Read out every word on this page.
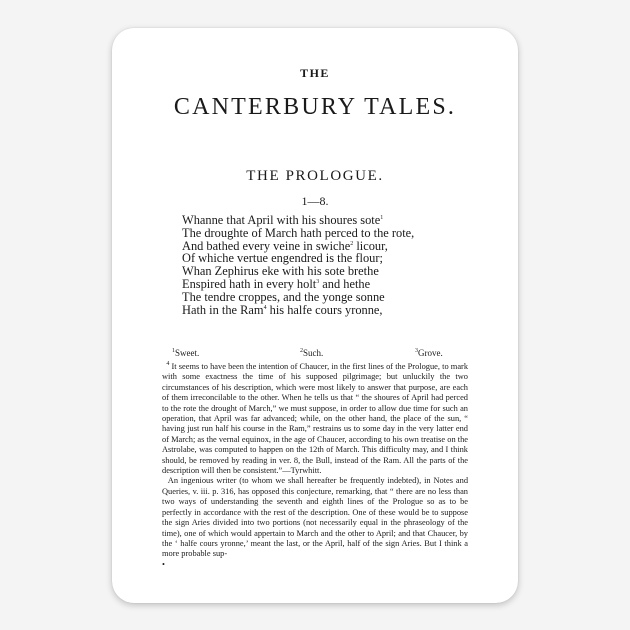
THE
CANTERBURY TALES.
THE PROLOGUE.
1—8.
Whanne that April with his shoures sote$^1$
The droughte of March hath perced to the rote,
And bathed every veine in swiche$^2$ licour,
Of whiche vertue engendred is the flour;
Whan Zephirus eke with his sote brethe
Enspired hath in every holt$^3$ and hethe
The tendre croppes, and the yonge sonne
Hath in the Ram$^4$ his halfe cours yronne,
$^1$ Sweet.	$^2$ Such.	$^3$ Grove.

$^4$ It seems to have been the intention of Chaucer, in the first lines of the Prologue, to mark with some exactness the time of his supposed pilgrimage; but unluckily the two circumstances of his description, which were most likely to answer that purpose, are each of them irreconcilable to the other. When he tells us that “ the shoures of April had perced to the rote the drought of March,” we must suppose, in order to allow due time for such an operation, that April was far advanced; while, on the other hand, the place of the sun, “ having just run half his course in the Ram,” restrains us to some day in the very latter end of March; as the vernal equinox, in the age of Chaucer, according to his own treatise on the Astrolabe, was computed to happen on the 12th of March. This difficulty may, and I think should, be removed by reading in ver. 8, the Bull, instead of the Ram. All the parts of the description will then be consistent.”—Tyrwhitt.

An ingenious writer (to whom we shall hereafter be frequently indebted), in Notes and Queries, v. iii. p. 316, has opposed this conjecture, remarking, that “ there are no less than two ways of understanding the seventh and eighth lines of the Prologue so as to be perfectly in accordance with the rest of the description. One of these would be to suppose the sign Aries divided into two portions (not necessarily equal in the phraseology of the time), one of which would appertain to March and the other to April; and that Chaucer, by the ‘ halfe cours yronne,’ meant the last, or the April, half of the sign Aries. But I think a more probable sup-

•
